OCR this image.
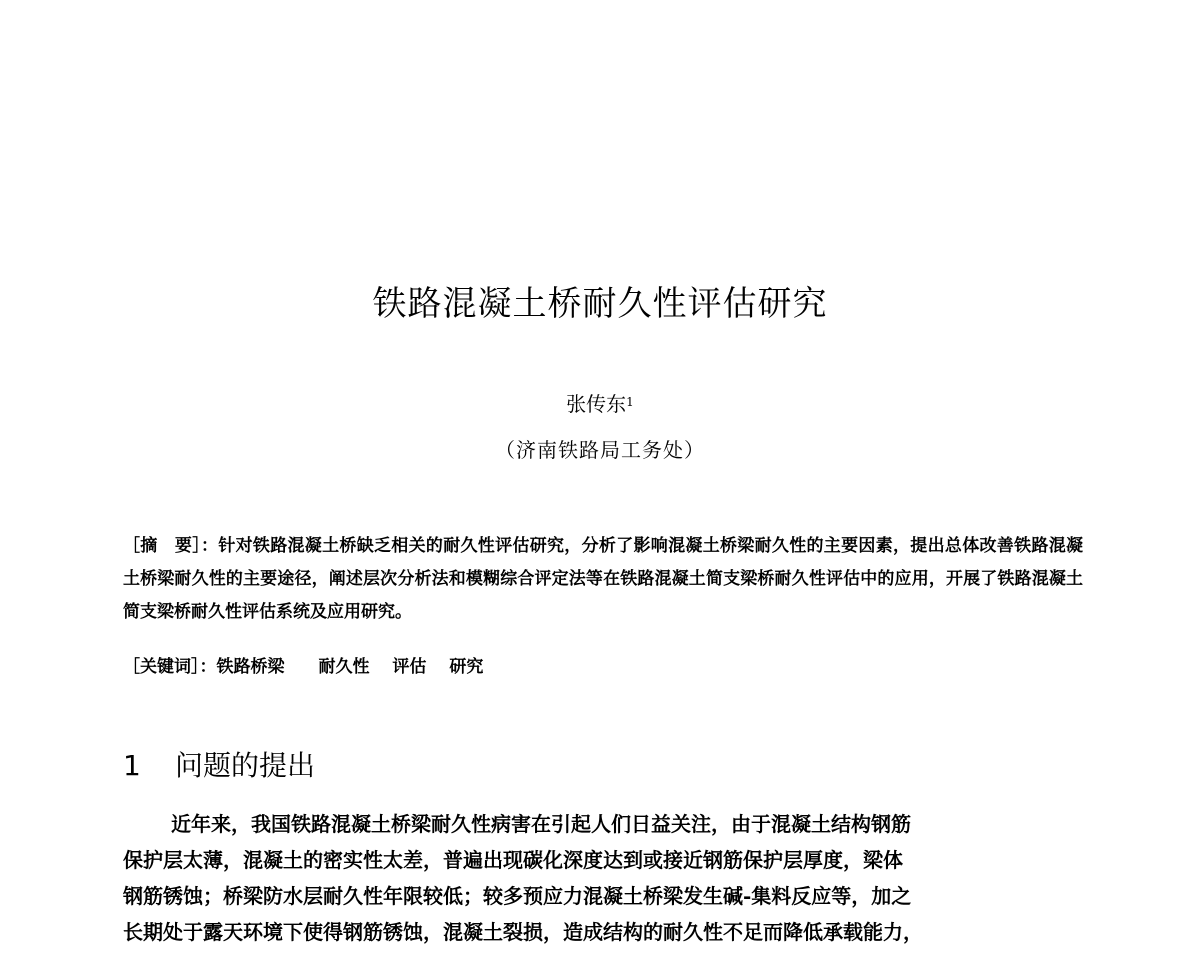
铁路混凝土桥耐久性评估研究
张传东$^1$
（济南铁路局工务处）
［摘　要］：针对铁路混凝土桥缺乏相关的耐久性评估研究，分析了影响混凝土桥梁耐久性的主要因素，提出总体改善铁路混凝土桥梁耐久性的主要途径，阐述层次分析法和模糊综合评定法等在铁路混凝土简支梁桥耐久性评估中的应用，开展了铁路混凝土简支梁桥耐久性评估系统及应用研究。
［关键词］：铁路桥梁　　耐久性　 评估　 研究
1 问题的提出
近年来，我国铁路混凝土桥梁耐久性病害在引起人们日益关注，由于混凝土结构钢筋
保护层太薄，混凝土的密实性太差，普遍出现碳化深度达到或接近钢筋保护层厚度，梁体
钢筋锈蚀；桥梁防水层耐久性年限较低；较多预应力混凝土桥梁发生碱-集料反应等，加之
长期处于露天环境下使得钢筋锈蚀，混凝土裂损，造成结构的耐久性不足而降低承载能力，
